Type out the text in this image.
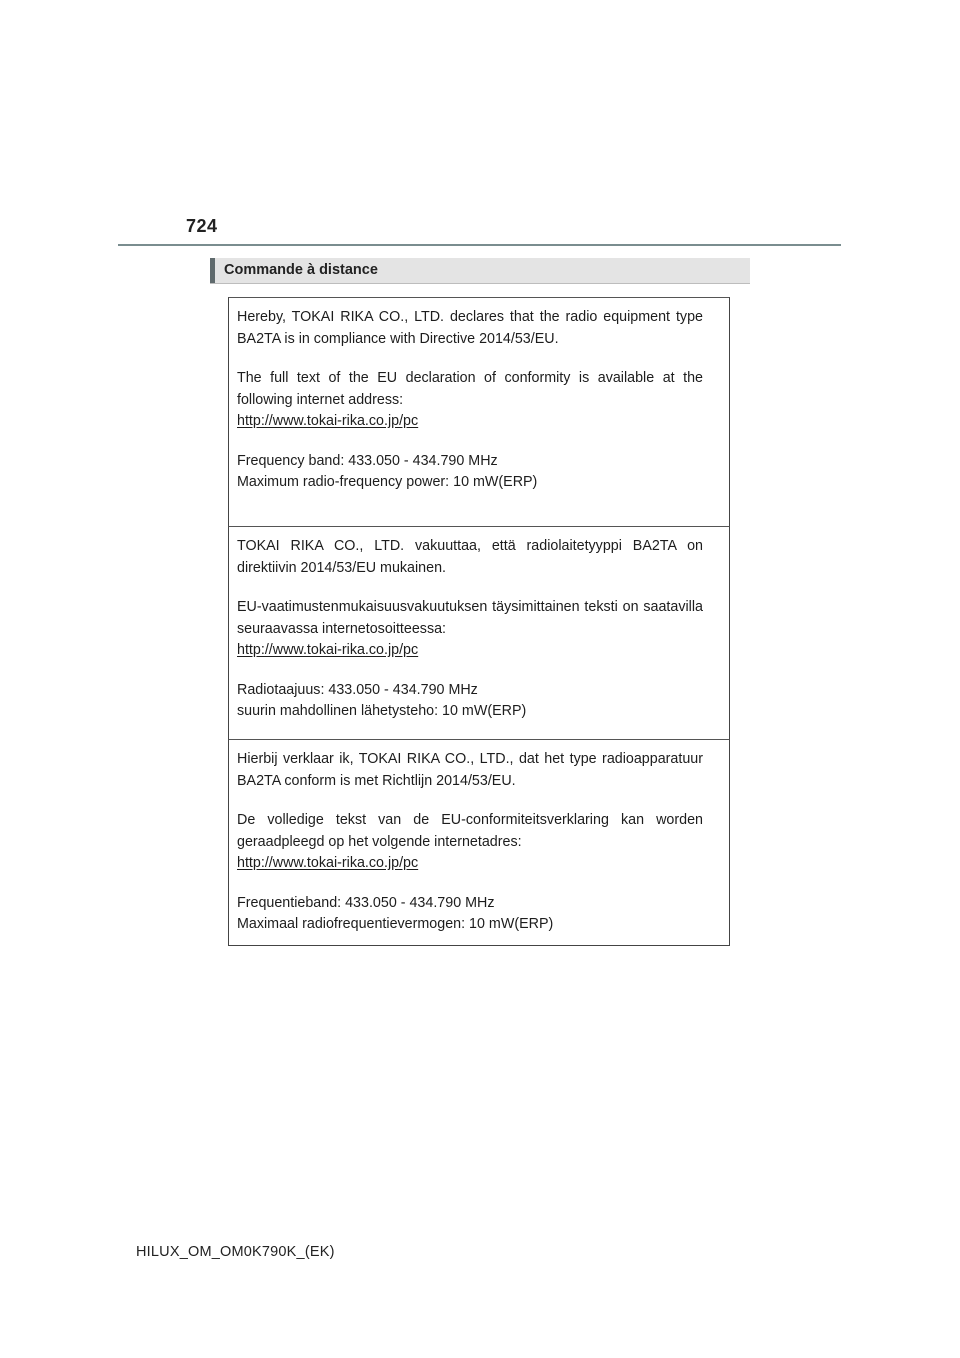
724
Commande à distance

Hereby, TOKAI RIKA CO., LTD. declares that the radio equipment type BA2TA is in compliance with Directive 2014/53/EU.

The full text of the EU declaration of conformity is available at the following internet address:
http://www.tokai-rika.co.jp/pc

Frequency band: 433.050 - 434.790 MHz
Maximum radio-frequency power: 10 mW(ERP)

TOKAI RIKA CO., LTD. vakuuttaa, että radiolaitetyyppi BA2TA on direktiivin 2014/53/EU mukainen.

EU-vaatimustenmukaisuusvakuutuksen täysimittainen teksti on saatavilla seuraavassa internetosoitteessa:
http://www.tokai-rika.co.jp/pc

Radiotaajuus: 433.050 - 434.790 MHz
suurin mahdollinen lähetysteho: 10 mW(ERP)

Hierbij verklaar ik, TOKAI RIKA CO., LTD., dat het type radioapparatuur BA2TA conform is met Richtlijn 2014/53/EU.

De volledige tekst van de EU-conformiteitsverklaring kan worden geraadpleegd op het volgende internetadres:
http://www.tokai-rika.co.jp/pc

Frequentieband: 433.050 - 434.790 MHz
Maximaal radiofrequentievermogen: 10 mW(ERP)

HILUX_OM_OM0K790K_(EK)
